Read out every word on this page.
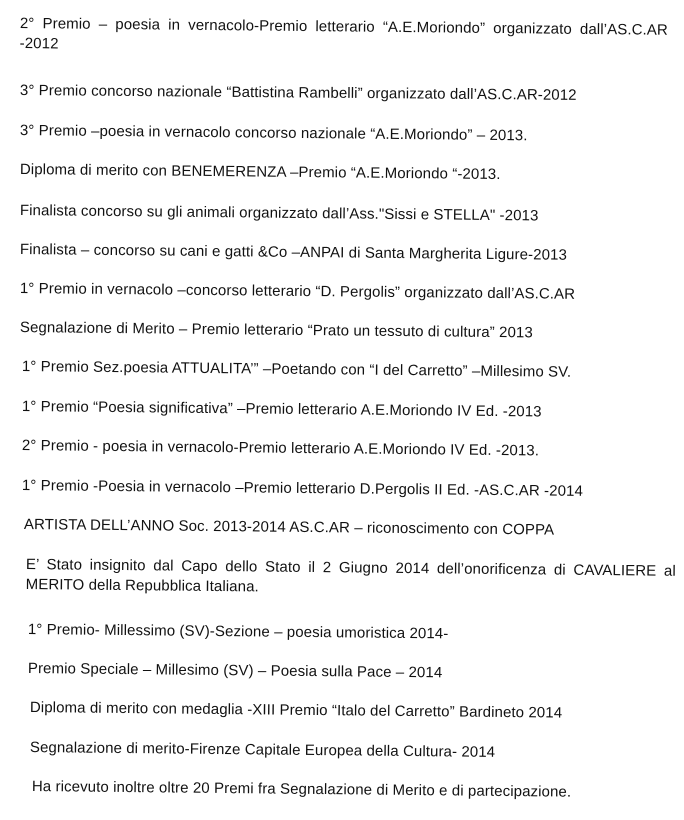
2° Premio – poesia in vernacolo-Premio letterario “A.E.Moriondo” organizzato dall’AS.C.AR -2012
3° Premio concorso nazionale “Battistina Rambelli” organizzato dall’AS.C.AR-2012
3° Premio –poesia in vernacolo concorso nazionale “A.E.Moriondo” – 2013.
Diploma di merito con BENEMERENZA –Premio “A.E.Moriondo “-2013.
Finalista concorso su gli animali organizzato dall’Ass."Sissi e STELLA" -2013
Finalista – concorso su cani e gatti &Co –ANPAI di Santa Margherita Ligure-2013
1° Premio in vernacolo –concorso letterario “D. Pergolis” organizzato dall’AS.C.AR
Segnalazione di Merito – Premio letterario “Prato un tessuto di cultura” 2013
1° Premio Sez.poesia ATTUALITA’” –Poetando con “I del Carretto” –Millesimo SV.
1° Premio “Poesia significativa” –Premio letterario A.E.Moriondo IV Ed. -2013
2° Premio - poesia in vernacolo-Premio letterario A.E.Moriondo IV Ed. -2013.
1° Premio -Poesia in vernacolo –Premio letterario D.Pergolis II Ed. -AS.C.AR -2014
ARTISTA DELL’ANNO Soc. 2013-2014 AS.C.AR – riconoscimento con COPPA
E’ Stato insignito dal Capo dello Stato il 2 Giugno 2014 dell’onorificenza di CAVALIERE al MERITO della Repubblica Italiana.
1° Premio- Millessimo (SV)-Sezione – poesia umoristica 2014-
Premio Speciale – Millesimo (SV) – Poesia sulla Pace – 2014
Diploma di merito con medaglia -XIII Premio “Italo del Carretto” Bardineto 2014
Segnalazione di merito-Firenze Capitale Europea della Cultura- 2014
Ha ricevuto inoltre oltre 20 Premi fra Segnalazione di Merito e di partecipazione.
